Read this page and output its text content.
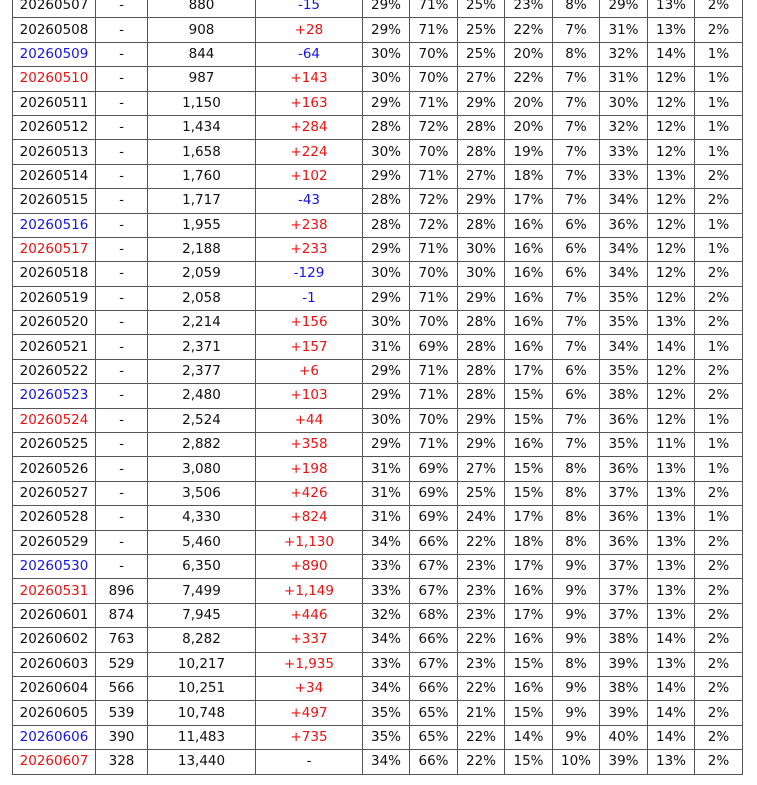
20260507	-	880	-15	29%	71%	25%	23%	8%	29%	13%	2%
20260508	-	908	+28	29%	71%	25%	22%	7%	31%	13%	2%
20260509	-	844	-64	30%	70%	25%	20%	8%	32%	14%	1%
20260510	-	987	+143	30%	70%	27%	22%	7%	31%	12%	1%
20260511	-	1,150	+163	29%	71%	29%	20%	7%	30%	12%	1%
20260512	-	1,434	+284	28%	72%	28%	20%	7%	32%	12%	1%
20260513	-	1,658	+224	30%	70%	28%	19%	7%	33%	12%	1%
20260514	-	1,760	+102	29%	71%	27%	18%	7%	33%	13%	2%
20260515	-	1,717	-43	28%	72%	29%	17%	7%	34%	12%	2%
20260516	-	1,955	+238	28%	72%	28%	16%	6%	36%	12%	1%
20260517	-	2,188	+233	29%	71%	30%	16%	6%	34%	12%	1%
20260518	-	2,059	-129	30%	70%	30%	16%	6%	34%	12%	2%
20260519	-	2,058	-1	29%	71%	29%	16%	7%	35%	12%	2%
20260520	-	2,214	+156	30%	70%	28%	16%	7%	35%	13%	2%
20260521	-	2,371	+157	31%	69%	28%	16%	7%	34%	14%	1%
20260522	-	2,377	+6	29%	71%	28%	17%	6%	35%	12%	2%
20260523	-	2,480	+103	29%	71%	28%	15%	6%	38%	12%	2%
20260524	-	2,524	+44	30%	70%	29%	15%	7%	36%	12%	1%
20260525	-	2,882	+358	29%	71%	29%	16%	7%	35%	11%	1%
20260526	-	3,080	+198	31%	69%	27%	15%	8%	36%	13%	1%
20260527	-	3,506	+426	31%	69%	25%	15%	8%	37%	13%	2%
20260528	-	4,330	+824	31%	69%	24%	17%	8%	36%	13%	1%
20260529	-	5,460	+1,130	34%	66%	22%	18%	8%	36%	13%	2%
20260530	-	6,350	+890	33%	67%	23%	17%	9%	37%	13%	2%
20260531	896	7,499	+1,149	33%	67%	23%	16%	9%	37%	13%	2%
20260601	874	7,945	+446	32%	68%	23%	17%	9%	37%	13%	2%
20260602	763	8,282	+337	34%	66%	22%	16%	9%	38%	14%	2%
20260603	529	10,217	+1,935	33%	67%	23%	15%	8%	39%	13%	2%
20260604	566	10,251	+34	34%	66%	22%	16%	9%	38%	14%	2%
20260605	539	10,748	+497	35%	65%	21%	15%	9%	39%	14%	2%
20260606	390	11,483	+735	35%	65%	22%	14%	9%	40%	14%	2%
20260607	328	13,440	-	34%	66%	22%	15%	10%	39%	13%	2%
